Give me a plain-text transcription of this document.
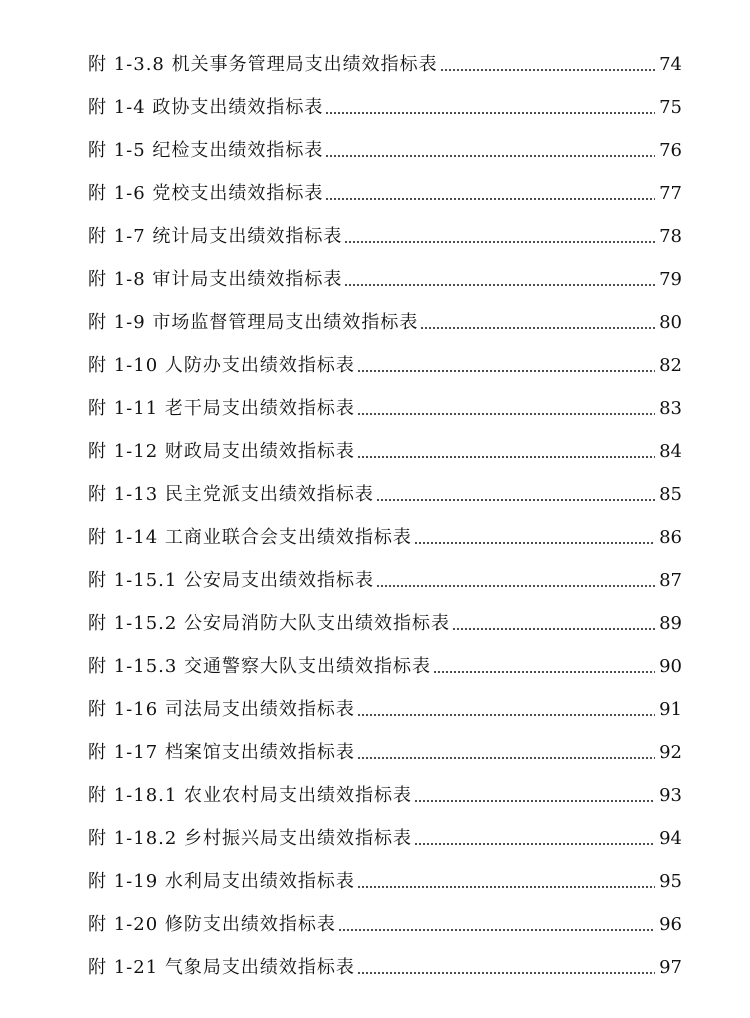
附 1-3.8 机关事务管理局支出绩效指标表	74
附 1-4 政协支出绩效指标表	75
附 1-5 纪检支出绩效指标表	76
附 1-6 党校支出绩效指标表	77
附 1-7 统计局支出绩效指标表	78
附 1-8 审计局支出绩效指标表	79
附 1-9 市场监督管理局支出绩效指标表	80
附 1-10 人防办支出绩效指标表	82
附 1-11 老干局支出绩效指标表	83
附 1-12 财政局支出绩效指标表	84
附 1-13 民主党派支出绩效指标表	85
附 1-14 工商业联合会支出绩效指标表	86
附 1-15.1 公安局支出绩效指标表	87
附 1-15.2 公安局消防大队支出绩效指标表	89
附 1-15.3 交通警察大队支出绩效指标表	90
附 1-16 司法局支出绩效指标表	91
附 1-17 档案馆支出绩效指标表	92
附 1-18.1 农业农村局支出绩效指标表	93
附 1-18.2 乡村振兴局支出绩效指标表	94
附 1-19 水利局支出绩效指标表	95
附 1-20 修防支出绩效指标表	96
附 1-21 气象局支出绩效指标表	97
